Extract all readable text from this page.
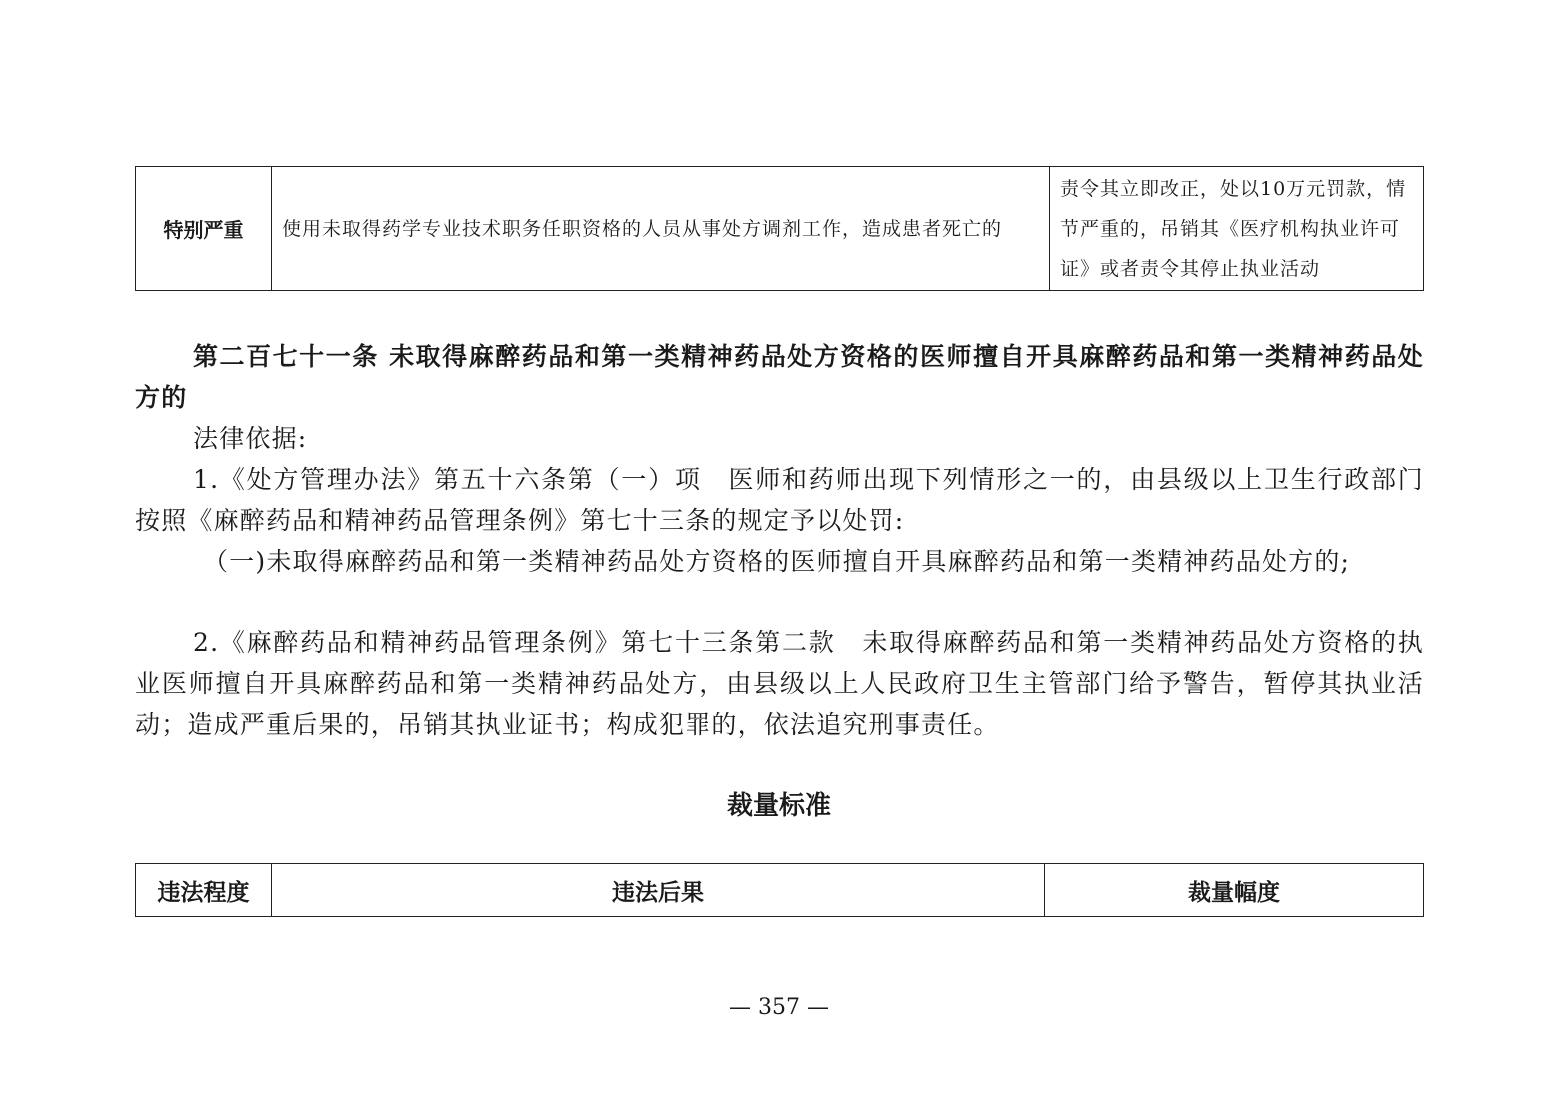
特别严重	使用未取得药学专业技术职务任职资格的人员从事处方调剂工作，造成患者死亡的	责令其立即改正，处以10万元罚款，情节严重的，吊销其《医疗机构执业许可证》或者责令其停止执业活动
第二百七十一条 未取得麻醉药品和第一类精神药品处方资格的医师擅自开具麻醉药品和第一类精神药品处方的
法律依据:
1.《处方管理办法》第五十六条第（一）项　医师和药师出现下列情形之一的，由县级以上卫生行政部门按照《麻醉药品和精神药品管理条例》第七十三条的规定予以处罚:
（一)未取得麻醉药品和第一类精神药品处方资格的医师擅自开具麻醉药品和第一类精神药品处方的;
2.《麻醉药品和精神药品管理条例》第七十三条第二款　未取得麻醉药品和第一类精神药品处方资格的执业医师擅自开具麻醉药品和第一类精神药品处方，由县级以上人民政府卫生主管部门给予警告，暂停其执业活动；造成严重后果的，吊销其执业证书；构成犯罪的，依法追究刑事责任。
裁量标准
违法程度	违法后果	裁量幅度
— 357 —
